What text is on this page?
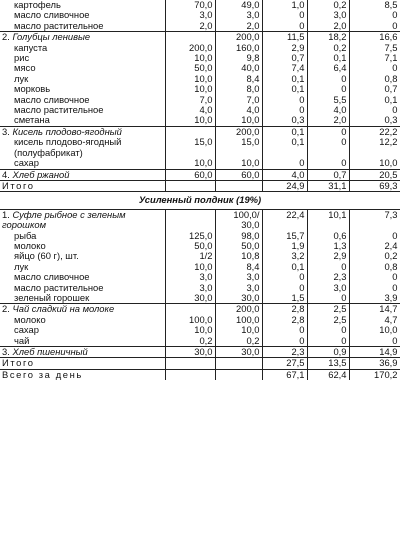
картофель	70,0	49,0	1,0	0,2	8,5	
масло сливочное	3,0	3,0	0	3,0	0	
масло растительное	2,0	2,0	0	2,0	0	
2. Голубцы ленивые		200,0	11,5	18,2	16,6	
капуста	200,0	160,0	2,9	0,2	7,5	
рис	10,0	9,8	0,7	0,1	7,1	
мясо	50,0	40,0	7,4	6,4	0	
лук	10,0	8,4	0,1	0	0,8	
морковь	10,0	8,0	0,1	0	0,7	
масло сливочное	7,0	7,0	0	5,5	0,1	
масло растительное	4,0	4,0	0	4,0	0	
сметана	10,0	10,0	0,3	2,0	0,3	
3. Кисель плодово-ягодный		200,0	0,1	0	22,2	
кисель плодово-ягодный (полуфабрикат)	15,0	15,0	0,1	0	12,2	
сахар	10,0	10,0	0	0	10,0	
4. Хлеб ржаной	60,0	60,0	4,0	0,7	20,5	
Итого			24,9	31,1	69,3	
Усиленный полдник (19%)						
1. Суфле рыбное с зеленым горошком		100,0/ 30,0	22,4	10,1	7,3	
рыба	125,0	98,0	15,7	0,6	0	
молоко	50,0	50,0	1,9	1,3	2,4	
яйцо (60 г), шт.	1/2	10,8	3,2	2,9	0,2	
лук	10,0	8,4	0,1	0	0,8	
масло сливочное	3,0	3,0	0	2,3	0	
масло растительное	3,0	3,0	0	3,0	0	
зеленый горошек	30,0	30,0	1,5	0	3,9	
2. Чай сладкий на молоке		200,0	2,8	2,5	14,7	
молоко	100,0	100,0	2,8	2,5	4,7	
сахар	10,0	10,0	0	0	10,0	
чай	0,2	0,2	0	0	0	
3. Хлеб пшеничный	30,0	30,0	2,3	0,9	14,9	
Итого			27,5	13,5	36,9	
Всего за день			67,1	62,4	170,2	
